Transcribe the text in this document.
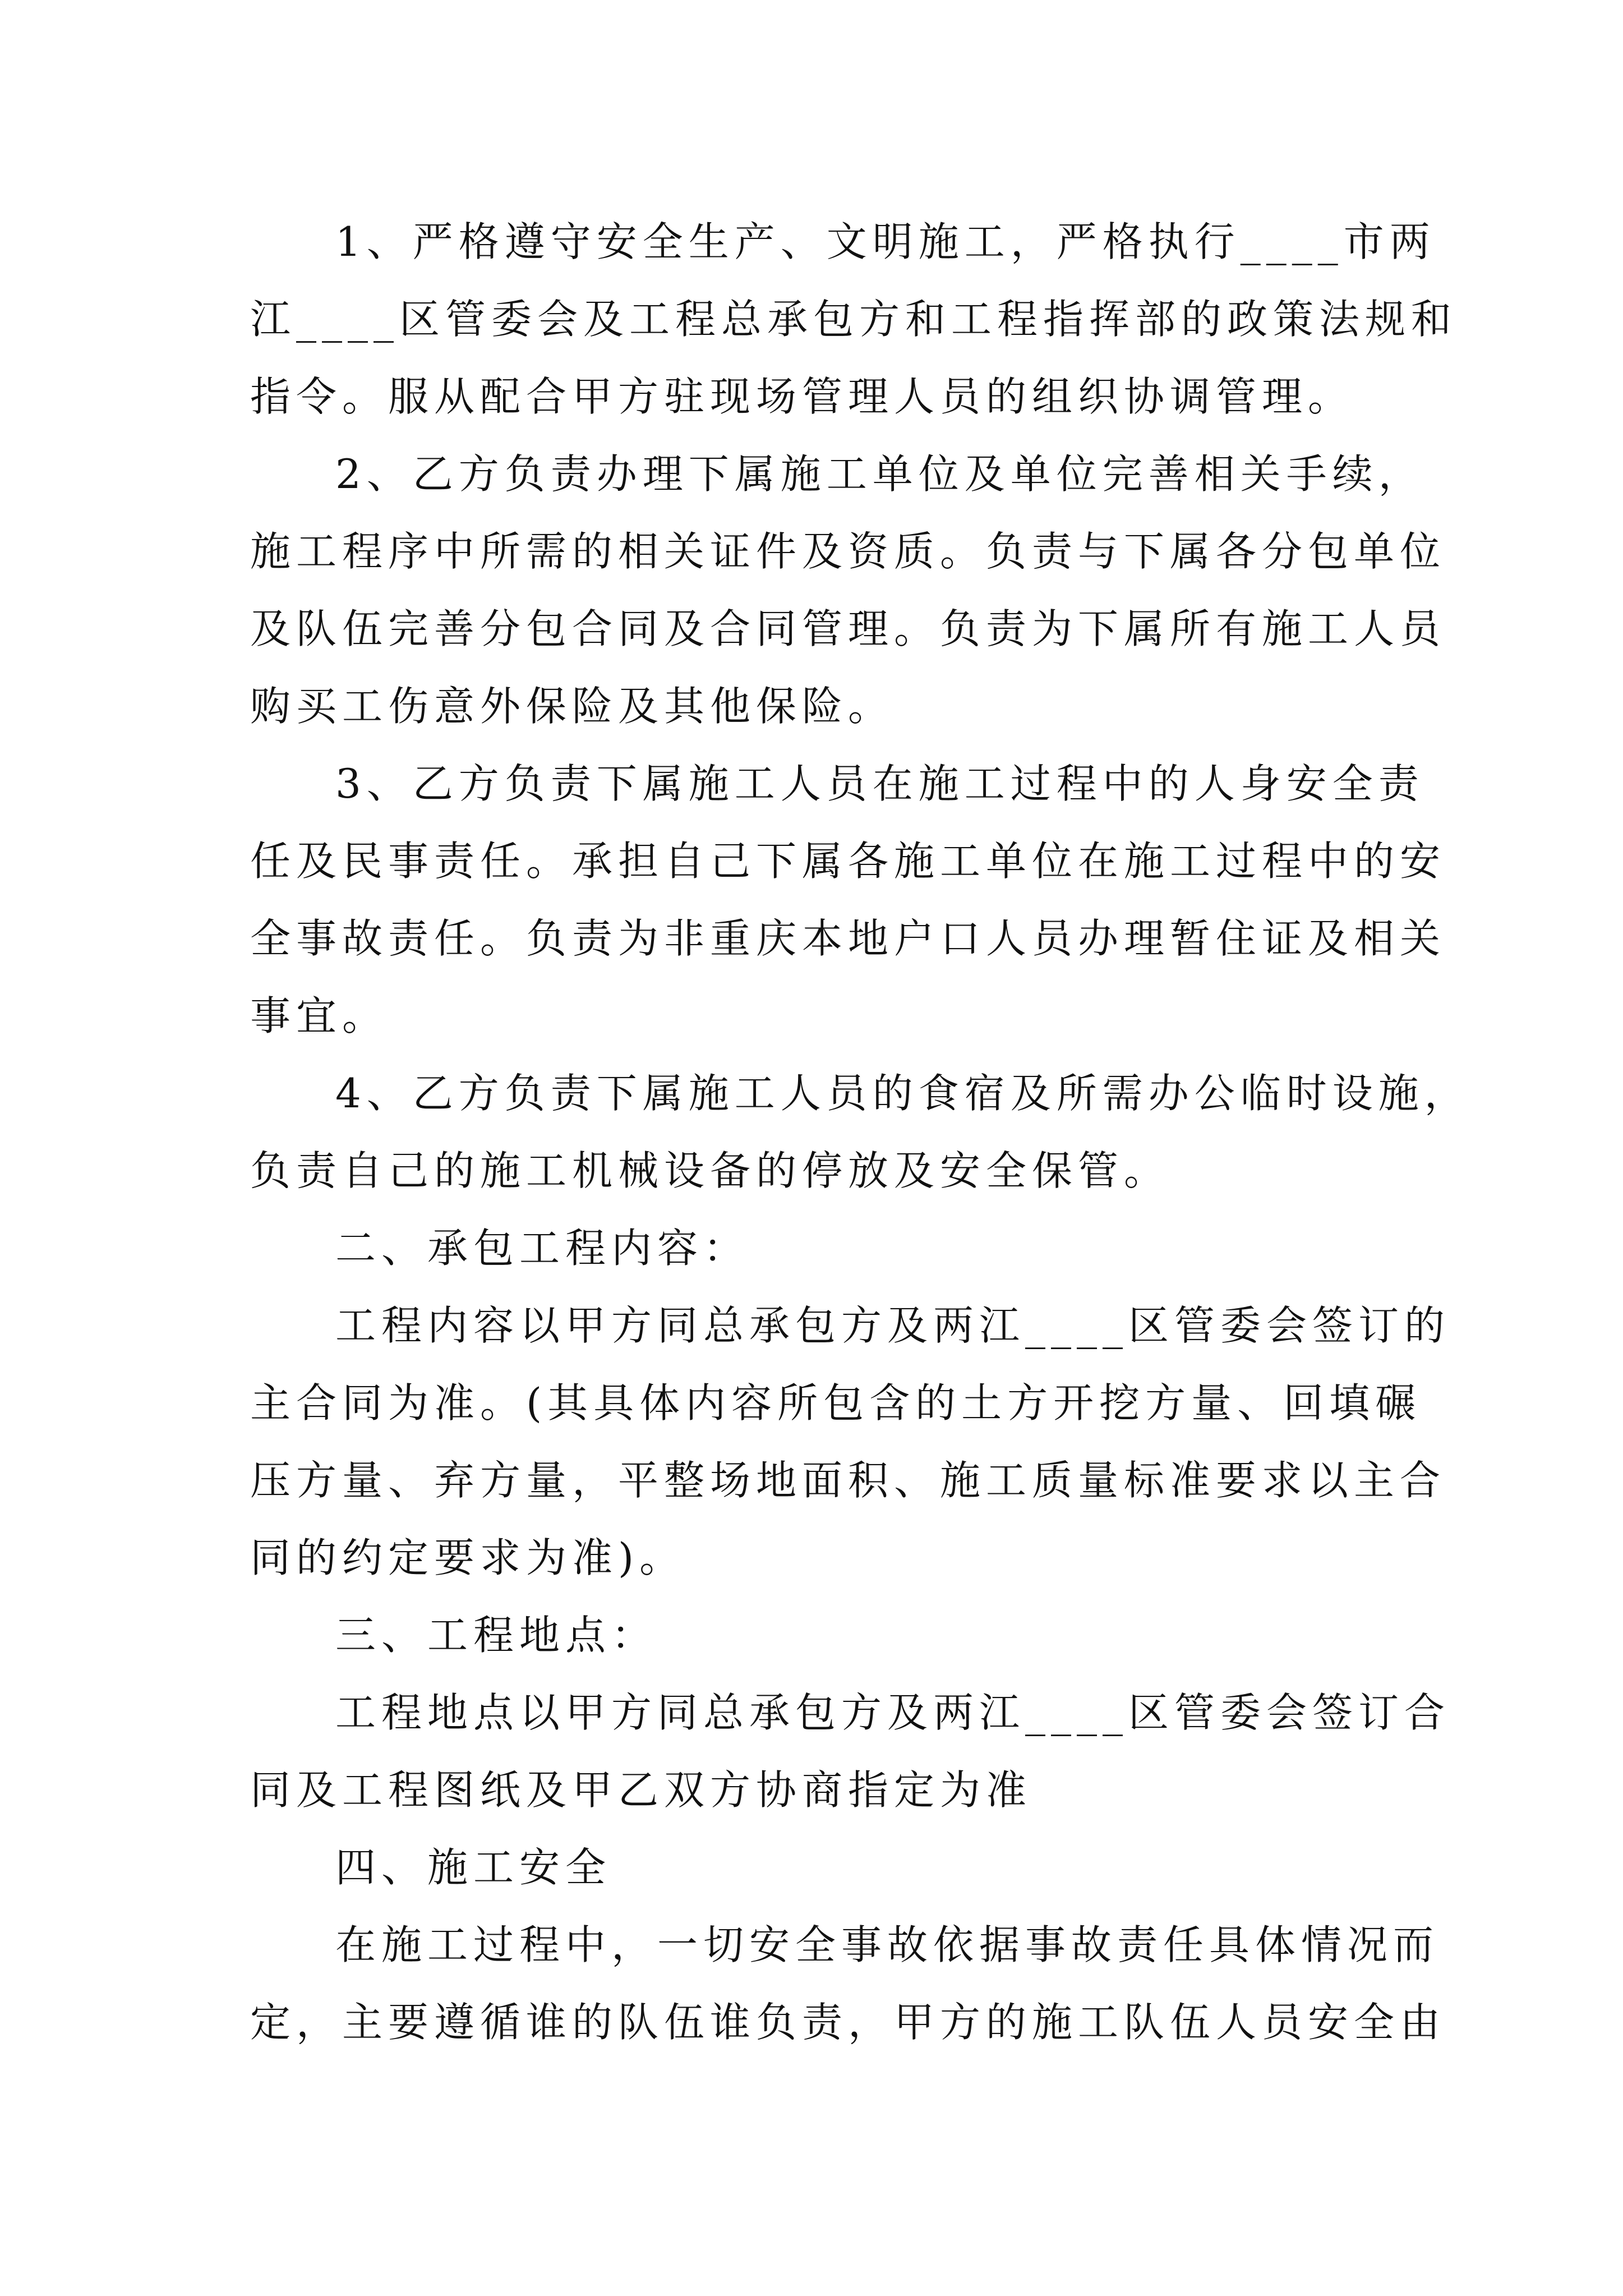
1、严格遵守安全生产、文明施工，严格执行____市两
江____区管委会及工程总承包方和工程指挥部的政策法规和
指令。服从配合甲方驻现场管理人员的组织协调管理。
2、乙方负责办理下属施工单位及单位完善相关手续，
施工程序中所需的相关证件及资质。负责与下属各分包单位
及队伍完善分包合同及合同管理。负责为下属所有施工人员
购买工伤意外保险及其他保险。
3、乙方负责下属施工人员在施工过程中的人身安全责
任及民事责任。承担自己下属各施工单位在施工过程中的安
全事故责任。负责为非重庆本地户口人员办理暂住证及相关
事宜。
4、乙方负责下属施工人员的食宿及所需办公临时设施，
负责自己的施工机械设备的停放及安全保管。
二、承包工程内容：
工程内容以甲方同总承包方及两江____区管委会签订的
主合同为准。(其具体内容所包含的土方开挖方量、回填碾
压方量、弃方量，平整场地面积、施工质量标准要求以主合
同的约定要求为准)。
三、工程地点：
工程地点以甲方同总承包方及两江____区管委会签订合
同及工程图纸及甲乙双方协商指定为准
四、施工安全
在施工过程中，一切安全事故依据事故责任具体情况而
定，主要遵循谁的队伍谁负责，甲方的施工队伍人员安全由
